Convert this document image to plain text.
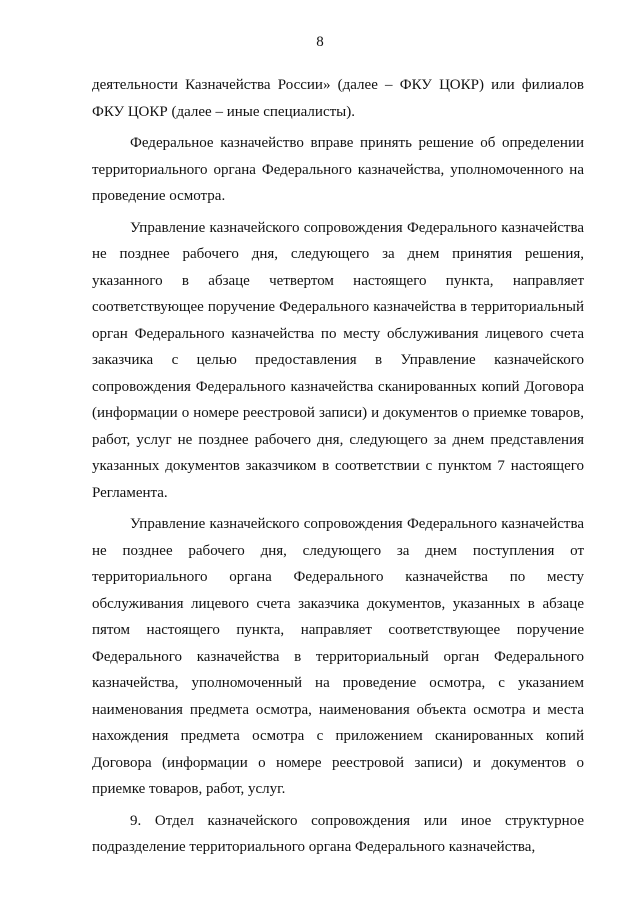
8

деятельности Казначейства России» (далее – ФКУ ЦОКР) или филиалов ФКУ ЦОКР (далее – иные специалисты).

Федеральное казначейство вправе принять решение об определении территориального органа Федерального казначейства, уполномоченного на проведение осмотра.

Управление казначейского сопровождения Федерального казначейства не позднее рабочего дня, следующего за днем принятия решения, указанного в абзаце четвертом настоящего пункта, направляет соответствующее поручение Федерального казначейства в территориальный орган Федерального казначейства по месту обслуживания лицевого счета заказчика с целью предоставления в Управление казначейского сопровождения Федерального казначейства сканированных копий Договора (информации о номере реестровой записи) и документов о приемке товаров, работ, услуг не позднее рабочего дня, следующего за днем представления указанных документов заказчиком в соответствии с пунктом 7 настоящего Регламента.

Управление казначейского сопровождения Федерального казначейства не позднее рабочего дня, следующего за днем поступления от территориального органа Федерального казначейства по месту обслуживания лицевого счета заказчика документов, указанных в абзаце пятом настоящего пункта, направляет соответствующее поручение Федерального казначейства в территориальный орган Федерального казначейства, уполномоченный на проведение осмотра, с указанием наименования предмета осмотра, наименования объекта осмотра и места нахождения предмета осмотра с приложением сканированных копий Договора (информации о номере реестровой записи) и документов о приемке товаров, работ, услуг.

9. Отдел казначейского сопровождения или иное структурное подразделение территориального органа Федерального казначейства,
